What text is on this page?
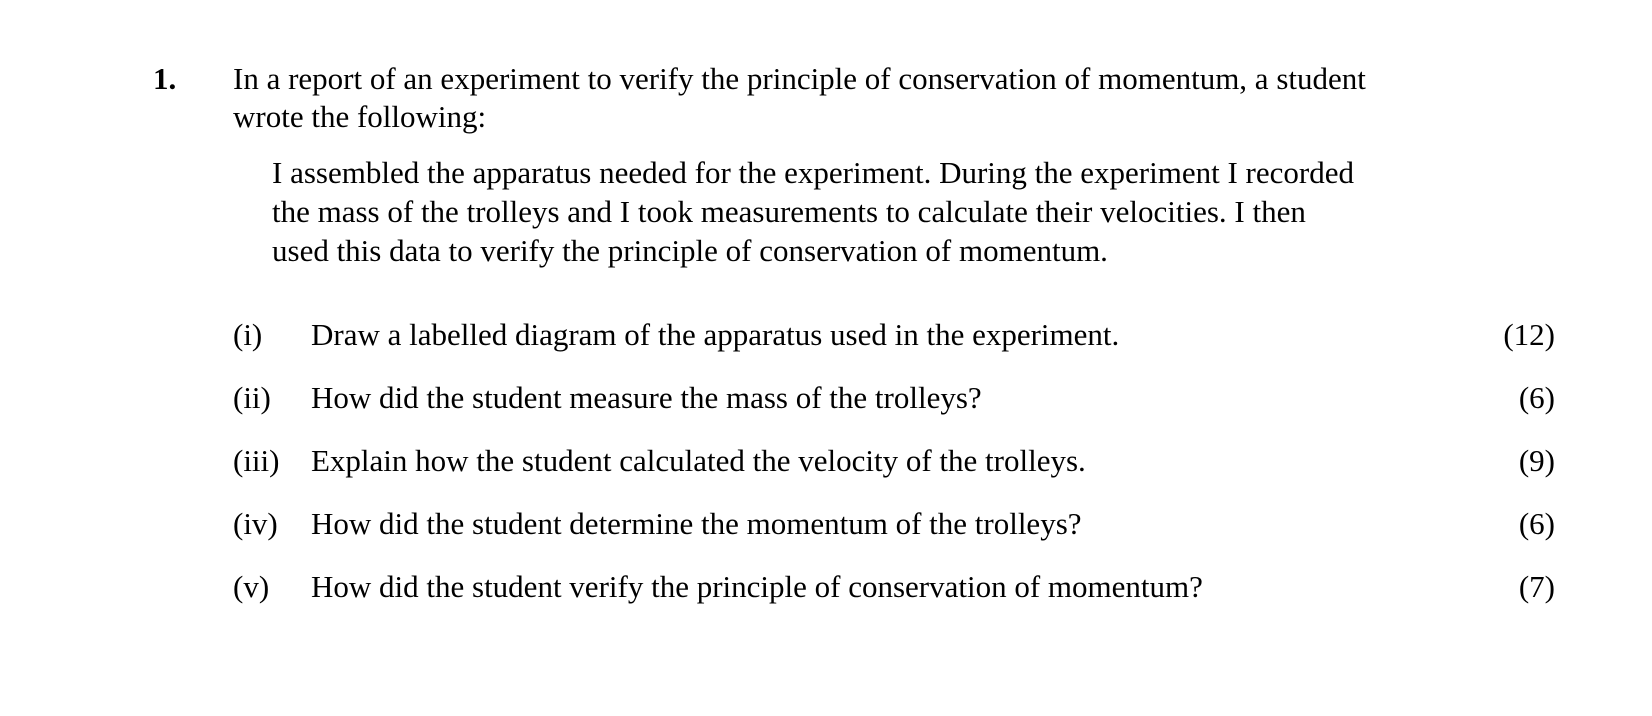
1. In a report of an experiment to verify the principle of conservation of momentum, a student
wrote the following:
I assembled the apparatus needed for the experiment. During the experiment I recorded
the mass of the trolleys and I took measurements to calculate their velocities. I then
used this data to verify the principle of conservation of momentum.
(i) Draw a labelled diagram of the apparatus used in the experiment.	(12)
(ii) How did the student measure the mass of the trolleys?	(6)
(iii) Explain how the student calculated the velocity of the trolleys.	(9)
(iv) How did the student determine the momentum of the trolleys?	(6)
(v) How did the student verify the principle of conservation of momentum?	(7)
